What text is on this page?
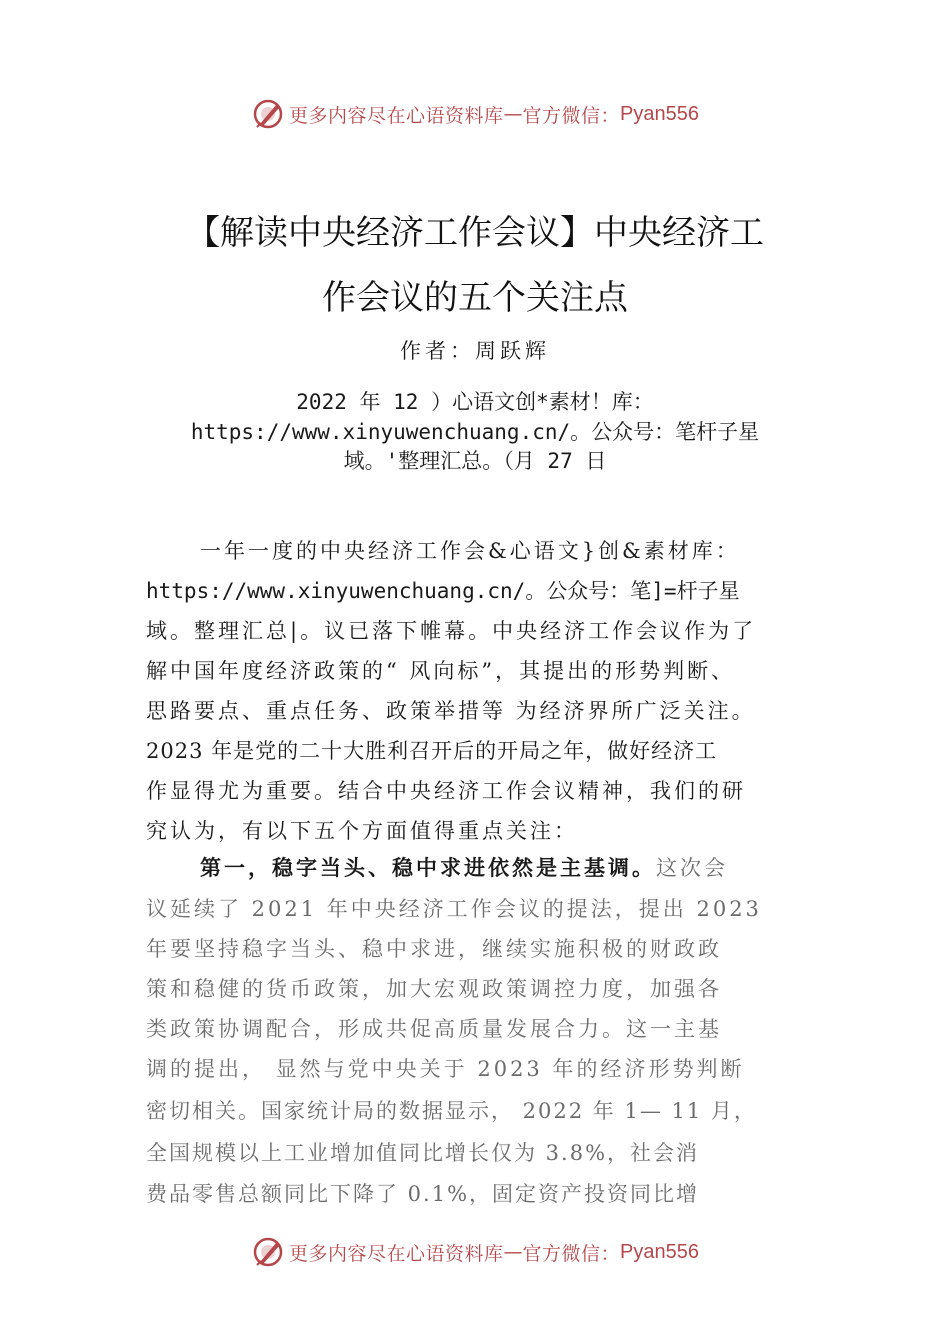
更多内容尽在心语资料库 — 官方微信： Pyan556
【解读中央经济工作会议】中央经济工
作会议的五个关注点
作者：周跃辉
2022 年 12 ）心语文创*素材！库：
https://www.xinyuwenchuang.cn/。公众号：笔杆子星
域。'整理汇总。（月 27 日
一年一度的中央经济工作会&心语文}创&素材库：
https://www.xinyuwenchuang.cn/。公众号：笔]=杆子星
域。整理汇总|。议已落下帷幕。中央经济工作会议作为了
解中国年度经济政策的“ 风向标”，其提出的形势判断、
思路要点、重点任务、政策举措等 为经济界所广泛关注。
2023 年是党的二十大胜利召开后的开局之年，做好经济工
作显得尤为重要。结合中央经济工作会议精神，我们的研
究认为，有以下五个方面值得重点关注：
第一，稳字当头、稳中求进依然是主基调。这次会
议延续了 2021 年中央经济工作会议的提法，提出 2023
年要坚持稳字当头、稳中求进，继续实施积极的财政政
策和稳健的货币政策，加大宏观政策调控力度，加强各
类政策协调配合，形成共促高质量发展合力。这一主基
调的提出， 显然与党中央关于 2023 年的经济形势判断
密切相关。国家统计局的数据显示， 2022 年 1— 11 月，
全国规模以上工业增加值同比增长仅为 3.8%，社会消
费品零售总额同比下降了 0.1%，固定资产投资同比增
更多内容尽在心语资料库 — 官方微信： Pyan556
